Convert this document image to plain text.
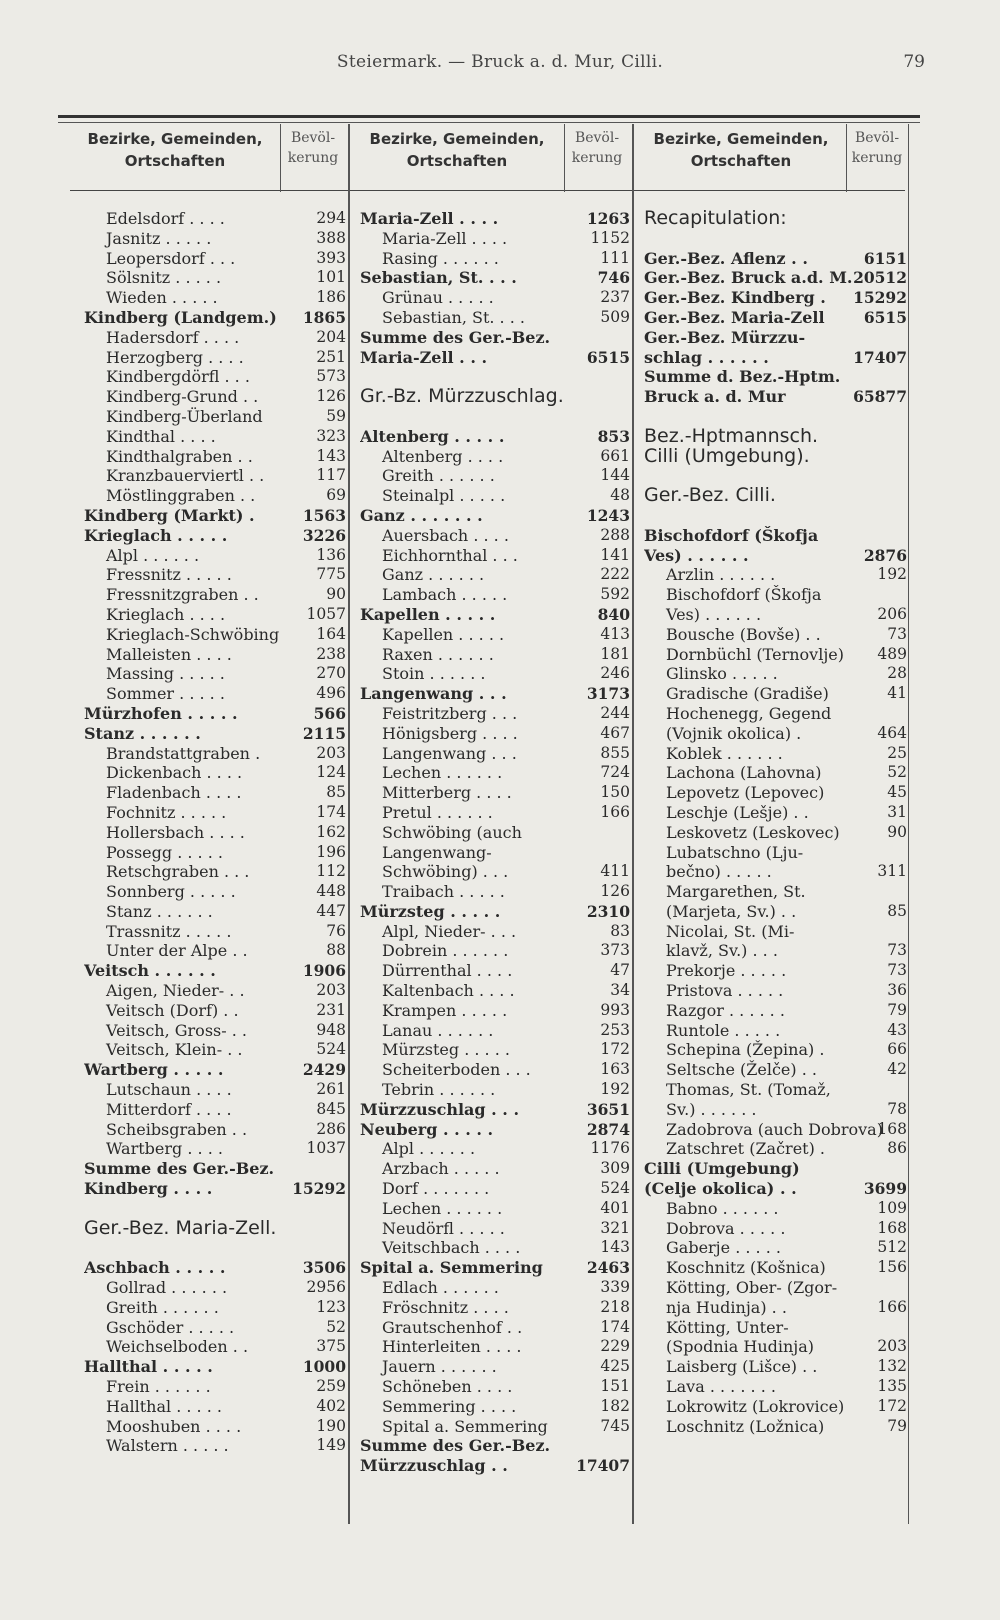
Steiermark. — Bruck a. d. Mur, Cilli.	79
Bezirke, Gemeinden, Ortschaften
Bevöl-kerung
Bezirke, Gemeinden, Ortschaften
Bevöl-kerung
Bezirke, Gemeinden, Ortschaften
Bevöl-kerung
Edelsdorf . . . .	294
Jasnitz . . . . .	388
Leopersdorf . . .	393
Sölsnitz . . . . .	101
Wieden . . . . .	186
Kindberg (Landgem.) 1865
Hadersdorf . . . .	204
Herzogberg . . . .	251
Kindbergdörfl . . .	573
Kindberg-Grund . .	126
Kindberg-Überland	59
Kindthal . . . .	323
Kindthalgraben . .	143
Kranzbauerviertl . .	117
Möstlinggraben . .	69
Kindberg (Markt) .	1563
Krieglach . . . . .	3226
Alpl . . . . . .	136
Fressnitz . . . . .	775
Fressnitzgraben . .	90
Krieglach . . . .	1057
Krieglach-Schwöbing 164
Malleisten . . . .	238
Massing . . . . .	270
Sommer . . . . .	496
Mürzhofen . . . . .	566
Stanz . . . . . .	2115
Brandstattgraben .	203
Dickenbach . . . .	124
Fladenbach . . . .	85
Fochnitz . . . . .	174
Hollersbach . . . .	162
Possegg . . . . .	196
Retschgraben . . .	112
Sonnberg . . . . .	448
Stanz . . . . . .	447
Trassnitz . . . . .	76
Unter der Alpe . .	88
Veitsch . . . . . .	1906
Aigen, Nieder- . .	203
Veitsch (Dorf) . .	231
Veitsch, Gross- . .	948
Veitsch, Klein- . .	524
Wartberg . . . . .	2429
Lutschaun . . . .	261
Mitterdorf . . . .	845
Scheibsgraben . .	286
Wartberg . . . .	1037
Summe des Ger.-Bez.
Kindberg . . . .	15292
Ger.-Bez. Maria-Zell.
Aschbach . . . . .	3506
Gollrad . . . . . .	2956
Greith . . . . . .	123
Gschöder . . . . .	52
Weichselboden . .	375
Hallthal . . . . .	1000
Frein . . . . . .	259
Hallthal . . . . .	402
Mooshuben . . . .	190
Walstern . . . . .	149
Maria-Zell . . . .	1263
Maria-Zell . . . .	1152
Rasing . . . . . .	111
Sebastian, St. . . .	746
Grünau . . . . .	237
Sebastian, St. . . .	509
Summe des Ger.-Bez.
Maria-Zell . . .	6515
Gr.-Bz. Mürzzuschlag.
Altenberg . . . . .	853
Altenberg . . . .	661
Greith . . . . . .	144
Steinalpl . . . . .	48
Ganz . . . . . . .	1243
Auersbach . . . .	288
Eichhornthal . . .	141
Ganz . . . . . .	222
Lambach . . . . .	592
Kapellen . . . . .	840
Kapellen . . . . .	413
Raxen . . . . . .	181
Stoin . . . . . .	246
Langenwang . . .	3173
Feistritzberg . . .	244
Hönigsberg . . . .	467
Langenwang . . .	855
Lechen . . . . . .	724
Mitterberg . . . .	150
Pretul . . . . . .	166
Schwöbing (auch
Langenwang-
Schwöbing) . . .	411
Traibach . . . . .	126
Mürzsteg . . . . .	2310
Alpl, Nieder- . . .	83
Dobrein . . . . . .	373
Dürrenthal . . . .	47
Kaltenbach . . . .	34
Krampen . . . . .	993
Lanau . . . . . .	253
Mürzsteg . . . . .	172
Scheiterboden . . .	163
Tebrin . . . . . .	192
Mürzzuschlag . . .	3651
Neuberg . . . . .	2874
Alpl . . . . . .	1176
Arzbach . . . . .	309
Dorf . . . . . . .	524
Lechen . . . . . .	401
Neudörfl . . . . .	321
Veitschbach . . . .	143
Spital a. Semmering	2463
Edlach . . . . . .	339
Fröschnitz . . . .	218
Grautschenhof . .	174
Hinterleiten . . . .	229
Jauern . . . . . .	425
Schöneben . . . .	151
Semmering . . . .	182
Spital a. Semmering	745
Summe des Ger.-Bez.
Mürzzuschlag . .	17407
Recapitulation:
Ger.-Bez. Aflenz . .	6151
Ger.-Bez. Bruck a.d. M. 20512
Ger.-Bez. Kindberg . 15292
Ger.-Bez. Maria-Zell	6515
Ger.-Bez. Mürzzu-
schlag . . . . . .	17407
Summe d. Bez.-Hptm.
Bruck a. d. Mur	65877
Bez.-Hptmannsch.
Cilli (Umgebung).
Ger.-Bez. Cilli.
Bischofdorf (Škofja
Ves) . . . . . .	2876
Arzlin . . . . . .	192
Bischofdorf (Škofja
Ves) . . . . . .	206
Bousche (Bovše) . .	73
Dornbüchl (Ternovlje) 489
Glinsko . . . . .	28
Gradische (Gradiše)	41
Hochenegg, Gegend
(Vojnik okolica) .	464
Koblek . . . . . .	25
Lachona (Lahovna)	52
Lepovetz (Lepovec)	45
Leschje (Lešje) . .	31
Leskovetz (Leskovec)	90
Lubatschno (Lju-
bečno) . . . . .	311
Margarethen, St.
(Marjeta, Sv.) . .	85
Nicolai, St. (Mi-
klavž, Sv.) . . .	73
Prekorje . . . . .	73
Pristova . . . . .	36
Razgor . . . . . .	79
Runtole . . . . .	43
Schepina (Žepina) .	66
Seltsche (Želče) . .	42
Thomas, St. (Tomaž,
Sv.) . . . . . .	78
Zadobrova (auch Dobrova)
168
Zatschret (Začret) .	86
Cilli (Umgebung)
(Celje okolica) . .	3699
Babno . . . . . .	109
Dobrova . . . . .	168
Gaberje . . . . .	512
Koschnitz (Košnica)	156
Kötting, Ober- (Zgor-
nja Hudinja) . .	166
Kötting, Unter-
(Spodnia Hudinja)	203
Laisberg (Lišce) . .	132
Lava . . . . . . .	135
Lokrowitz (Lokrovice) 172
Loschnitz (Ložnica)	79
